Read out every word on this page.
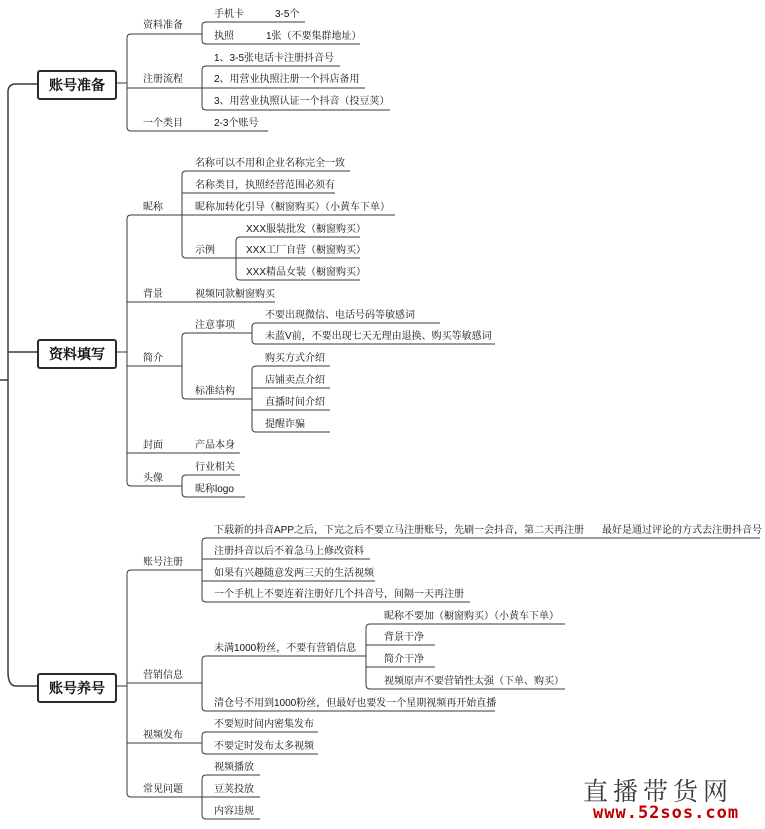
账号准备
资料填写
账号养号
资料准备
手机卡	3-5个
执照	1张（不要集群地址）
注册流程
1、3-5张电话卡注册抖音号
2、用营业执照注册一个抖店备用
3、用营业执照认证一个抖音（投豆荚）
一个类目	2-3个账号
昵称
名称可以不用和企业名称完全一致
名称类目，执照经营范围必须有
昵称加转化引导（橱窗购买）（小黄车下单）
示例
XXX服装批发（橱窗购买）
XXX工厂自营（橱窗购买）
XXX精品女装（橱窗购买）
背景	视频同款橱窗购买
简介
注意事项
不要出现微信、电话号码等敏感词
未蓝V前，不要出现七天无理由退换、购买等敏感词
标准结构
购买方式介绍
店铺卖点介绍
直播时间介绍
提醒诈骗
封面	产品本身
头像
行业相关
昵称logo
账号注册
下载新的抖音APP之后，下完之后不要立马注册账号，先刷一会抖音，第二天再注册 最好是通过评论的方式去注册抖音号
注册抖音以后不着急马上修改资料
如果有兴趣随意发两三天的生活视频
一个手机上不要连着注册好几个抖音号，间隔一天再注册
营销信息
未满1000粉丝，不要有营销信息
昵称不要加（橱窗购买）（小黄车下单）
背景干净
简介干净
视频原声不要营销性太强（下单、购买）
清仓号不用到1000粉丝，但最好也要发一个星期视频再开始直播
视频发布
不要短时间内密集发布
不要定时发布太多视频
常见问题
视频播放
豆荚投放
内容违规
直播带货网
www.52sos.com
